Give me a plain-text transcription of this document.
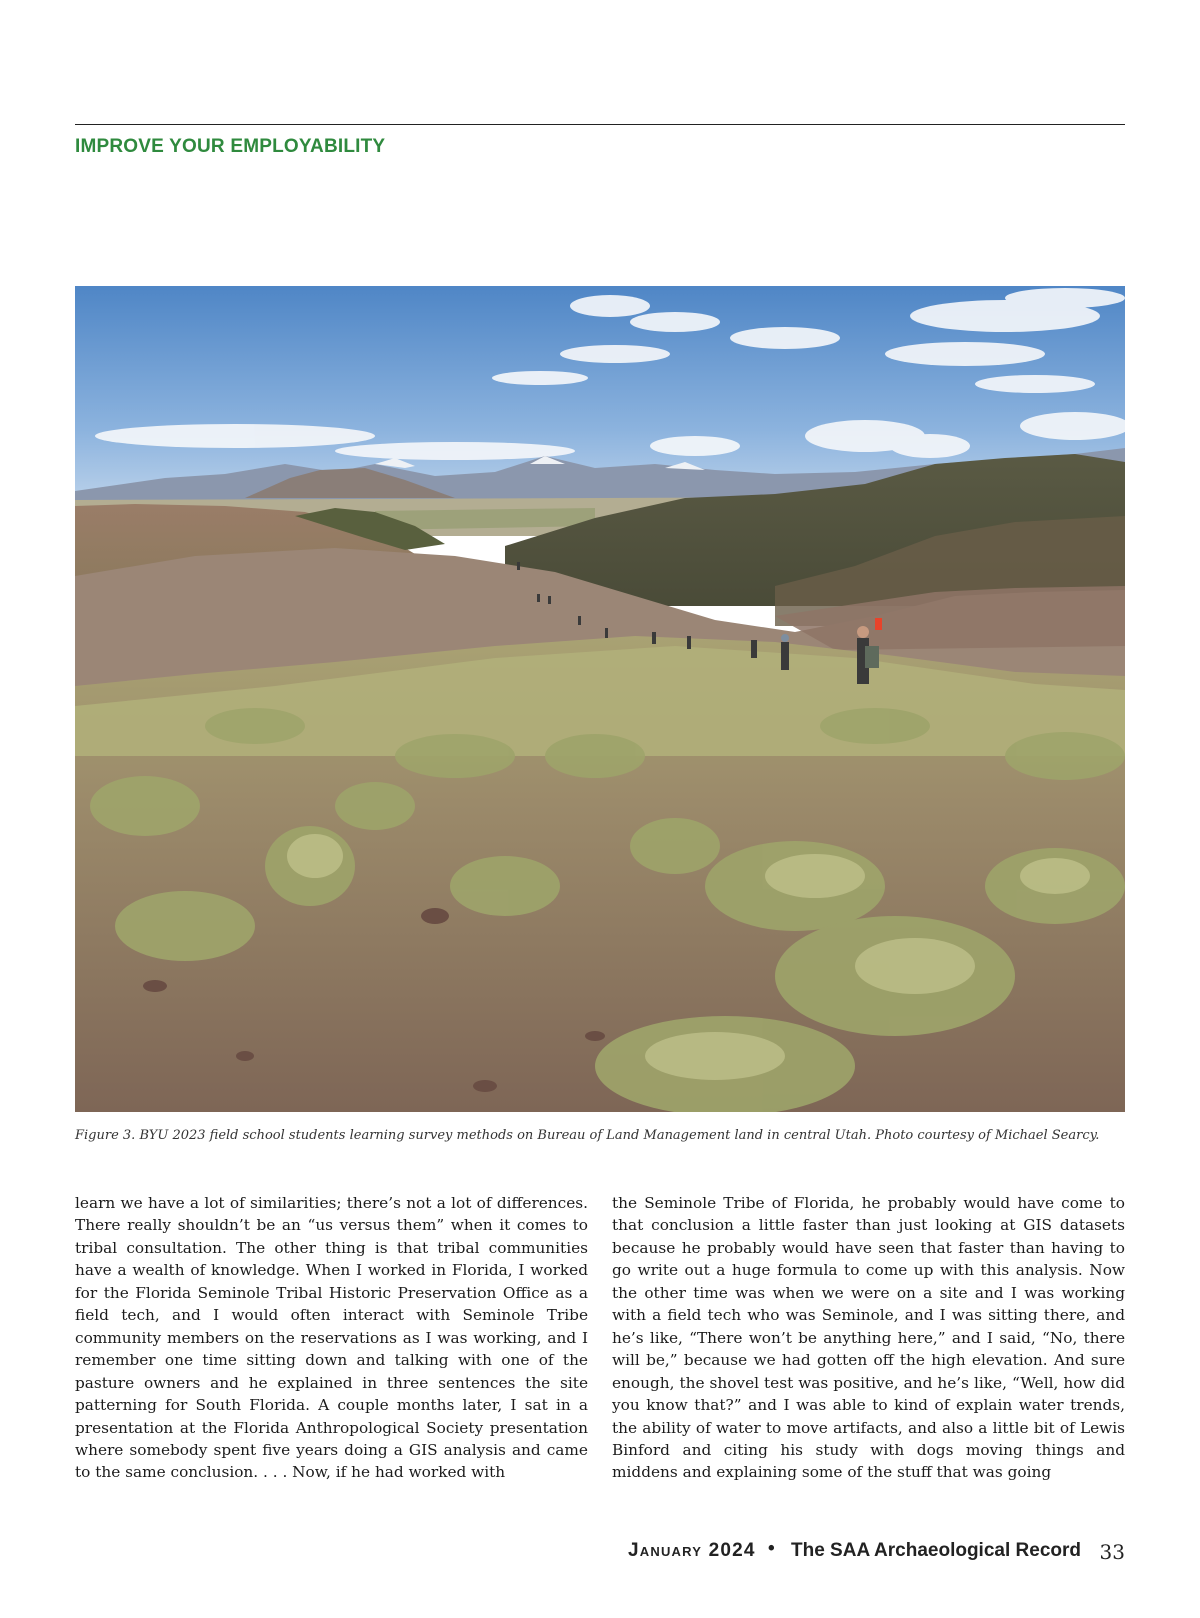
IMPROVE YOUR EMPLOYABILITY
Figure 3. BYU 2023 field school students learning survey methods on Bureau of Land Management land in central Utah. Photo courtesy of Michael Searcy.
learn we have a lot of similarities; there’s not a lot of differences. There really shouldn’t be an “us versus them” when it comes to tribal consultation. The other thing is that tribal communities have a wealth of knowledge. When I worked in Florida, I worked for the Florida Seminole Tribal Historic Preservation Office as a field tech, and I would often interact with Seminole Tribe community members on the reservations as I was working, and I remember one time sitting down and talking with one of the pasture owners and he explained in three sentences the site patterning for South Florida. A couple months later, I sat in a presentation at the Florida Anthropological Society presentation where somebody spent five years doing a GIS analysis and came to the same conclusion. . . . Now, if he had worked with
the Seminole Tribe of Florida, he probably would have come to that conclusion a little faster than just looking at GIS datasets because he probably would have seen that faster than having to go write out a huge formula to come up with this analysis. Now the other time was when we were on a site and I was working with a field tech who was Seminole, and I was sitting there, and he’s like, “There won’t be anything here,” and I said, “No, there will be,” because we had gotten off the high elevation. And sure enough, the shovel test was positive, and he’s like, “Well, how did you know that?” and I was able to kind of explain water trends, the ability of water to move artifacts, and also a little bit of Lewis Binford and citing his study with dogs moving things and middens and explaining some of the stuff that was going
January 2024 • The SAA Archaeological Record 33
